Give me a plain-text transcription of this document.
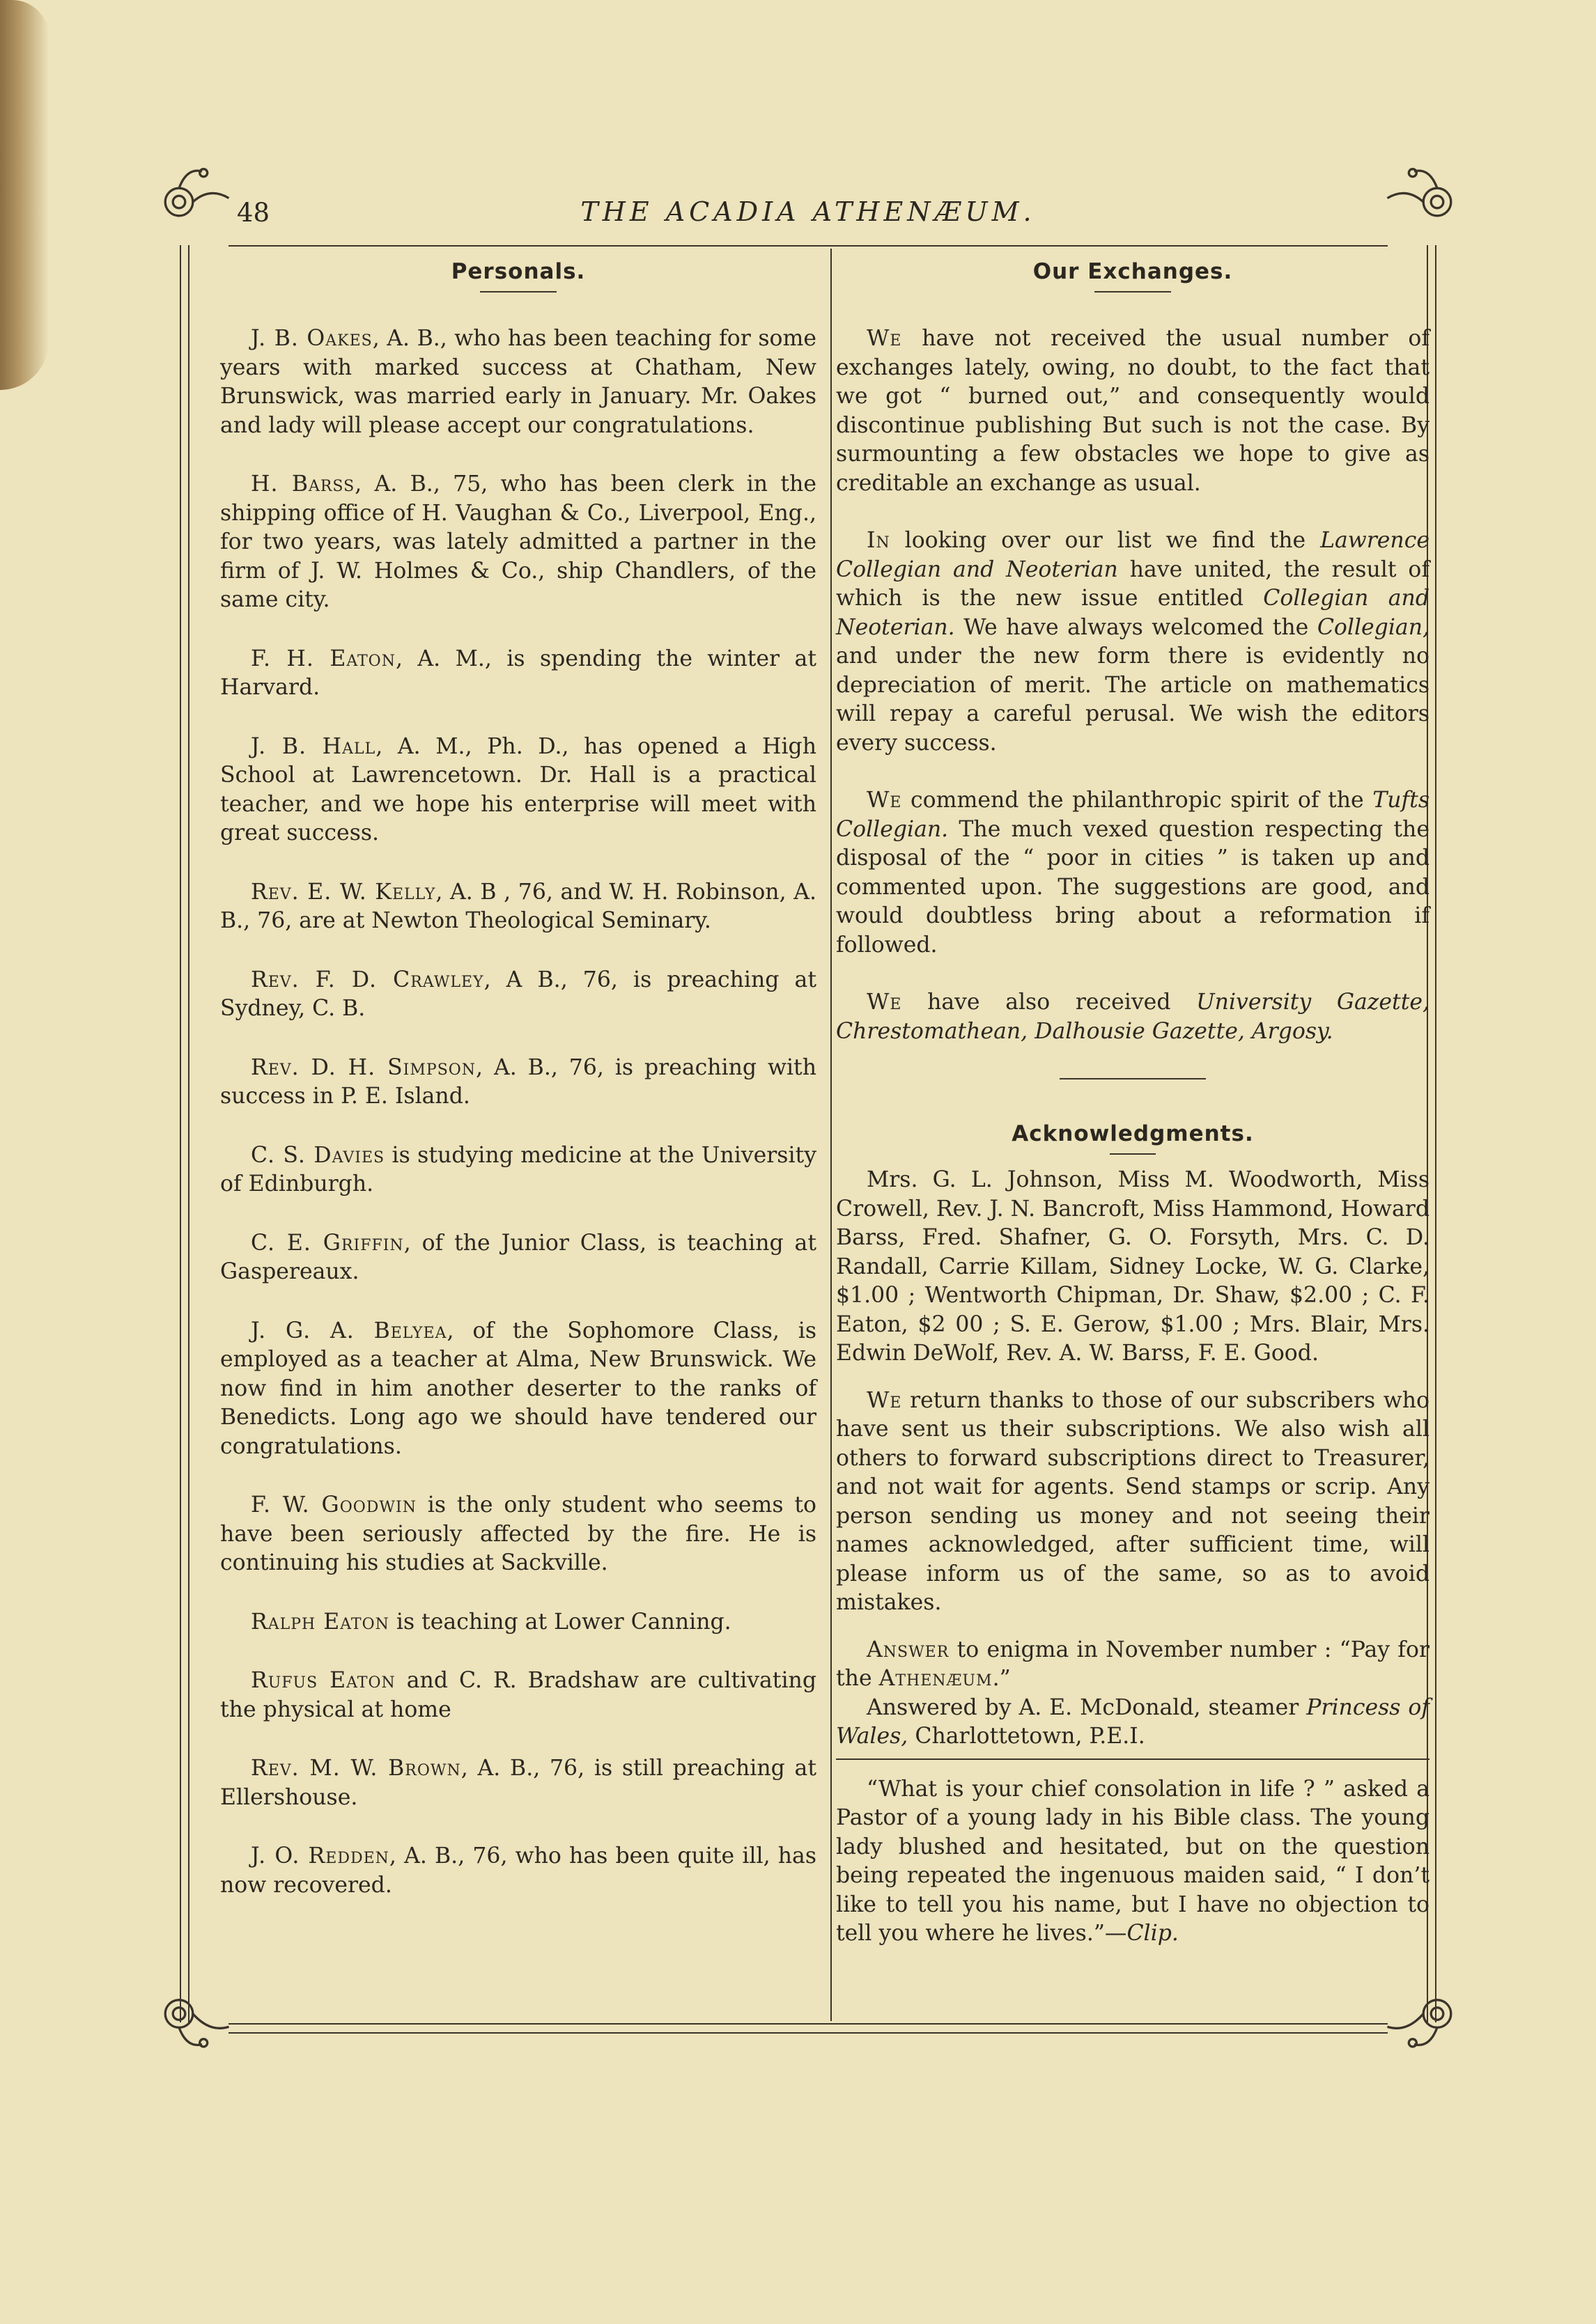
48	THE ACADIA ATHENÆUM.
Personals.

J. B. Oakes, A. B., who has been teaching for some years with marked success at Chatham, New Brunswick, was married early in January. Mr. Oakes and lady will please accept our congratulations.

H. Barss, A. B., 75, who has been clerk in the shipping office of H. Vaughan & Co., Liverpool, Eng., for two years, was lately admitted a partner in the firm of J. W. Holmes & Co., ship Chandlers, of the same city.

F. H. Eaton, A. M., is spending the winter at Harvard.

J. B. Hall, A. M., Ph. D., has opened a High School at Lawrencetown. Dr. Hall is a practical teacher, and we hope his enterprise will meet with great success.

Rev. E. W. Kelly, A. B , 76, and W. H. Robinson, A. B., 76, are at Newton Theological Seminary.

Rev. F. D. Crawley, A B., 76, is preaching at Sydney, C. B.

Rev. D. H. Simpson, A. B., 76, is preaching with success in P. E. Island.

C. S. Davies is studying medicine at the University of Edinburgh.

C. E. Griffin, of the Junior Class, is teaching at Gaspereaux.

J. G. A. Belyea, of the Sophomore Class, is employed as a teacher at Alma, New Brunswick. We now find in him another deserter to the ranks of Benedicts. Long ago we should have tendered our congratulations.

F. W. Goodwin is the only student who seems to have been seriously affected by the fire. He is continuing his studies at Sackville.

Ralph Eaton is teaching at Lower Canning.

Rufus Eaton and C. R. Bradshaw are cultivating the physical at home

Rev. M. W. Brown, A. B., 76, is still preaching at Ellershouse.

J. O. Redden, A. B., 76, who has been quite ill, has now recovered.

Our Exchanges.

We have not received the usual number of exchanges lately, owing, no doubt, to the fact that we got “ burned out,” and consequently would discontinue publishing But such is not the case. By surmounting a few obstacles we hope to give as creditable an exchange as usual.

In looking over our list we find the Lawrence Collegian and Neoterian have united, the result of which is the new issue entitled Collegian and Neoterian. We have always welcomed the Collegian, and under the new form there is evidently no depreciation of merit. The article on mathematics will repay a careful perusal. We wish the editors every success.

We commend the philanthropic spirit of the Tufts Collegian. The much vexed question respecting the disposal of the “ poor in cities ” is taken up and commented upon. The suggestions are good, and would doubtless bring about a reformation if followed.

We have also received University Gazette, Chrestomathean, Dalhousie Gazette, Argosy.

Acknowledgments.

Mrs. G. L. Johnson, Miss M. Woodworth, Miss Crowell, Rev. J. N. Bancroft, Miss Hammond, Howard Barss, Fred. Shafner, G. O. Forsyth, Mrs. C. D. Randall, Carrie Killam, Sidney Locke, W. G. Clarke, $1.00 ; Wentworth Chipman, Dr. Shaw, $2.00 ; C. F. Eaton, $2 00 ; S. E. Gerow, $1.00 ; Mrs. Blair, Mrs. Edwin DeWolf, Rev. A. W. Barss, F. E. Good.

We return thanks to those of our subscribers who have sent us their subscriptions. We also wish all others to forward subscriptions direct to Treasurer, and not wait for agents. Send stamps or scrip. Any person sending us money and not seeing their names acknowledged, after sufficient time, will please inform us of the same, so as to avoid mistakes.

Answer to enigma in November number : “Pay for the Athenæum.”

Answered by A. E. McDonald, steamer Princess of Wales, Charlottetown, P.E.I.

“What is your chief consolation in life ? ” asked a Pastor of a young lady in his Bible class. The young lady blushed and hesitated, but on the question being repeated the ingenuous maiden said, “ I don’t like to tell you his name, but I have no objection to tell you where he lives.”—Clip.
